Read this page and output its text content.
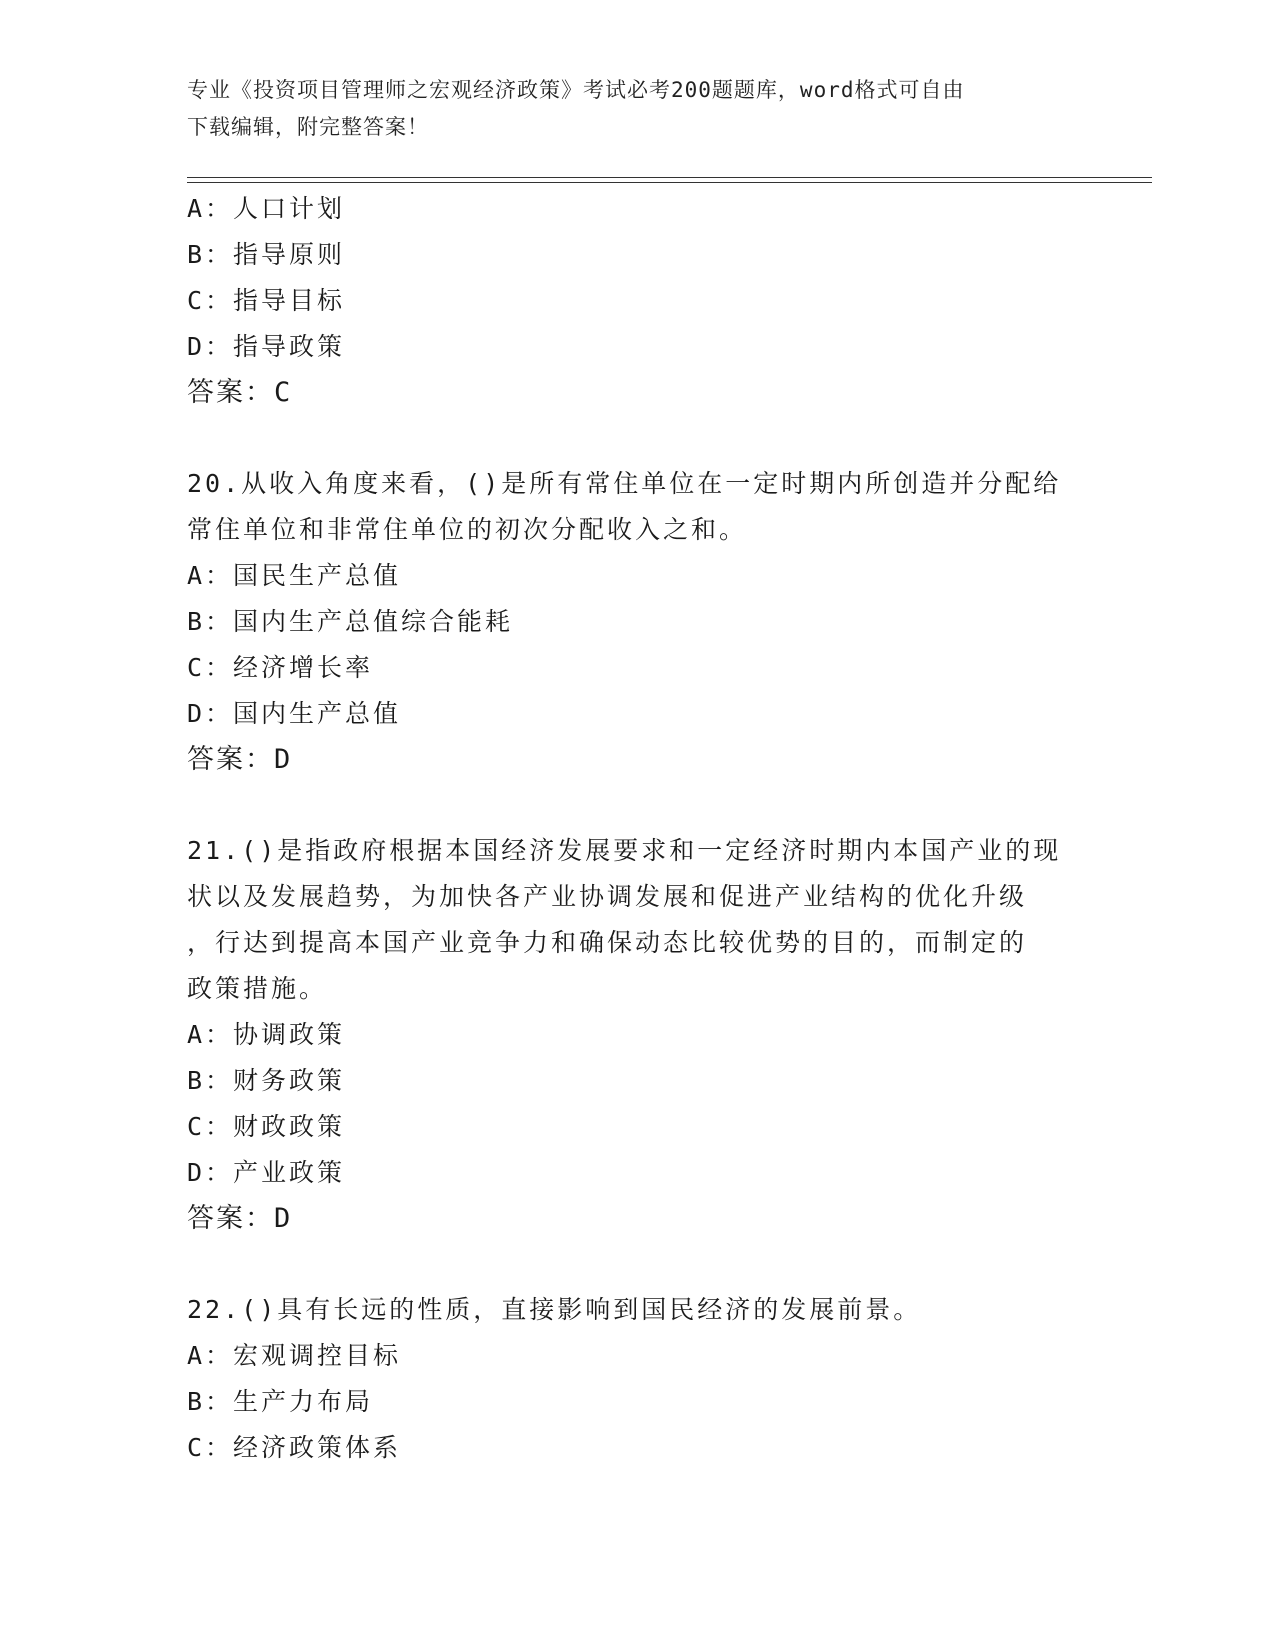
专业《投资项目管理师之宏观经济政策》考试必考200题题库，word格式可自由
下载编辑，附完整答案！
A：人口计划
B：指导原则
C：指导目标
D：指导政策
答案：C
20.从收入角度来看，()是所有常住单位在一定时期内所创造并分配给
常住单位和非常住单位的初次分配收入之和。
A：国民生产总值
B：国内生产总值综合能耗
C：经济增长率
D：国内生产总值
答案：D
21.()是指政府根据本国经济发展要求和一定经济时期内本国产业的现
状以及发展趋势，为加快各产业协调发展和促进产业结构的优化升级
，行达到提高本国产业竞争力和确保动态比较优势的目的，而制定的
政策措施。
A：协调政策
B：财务政策
C：财政政策
D：产业政策
答案：D
22.()具有长远的性质，直接影响到国民经济的发展前景。
A：宏观调控目标
B：生产力布局
C：经济政策体系
